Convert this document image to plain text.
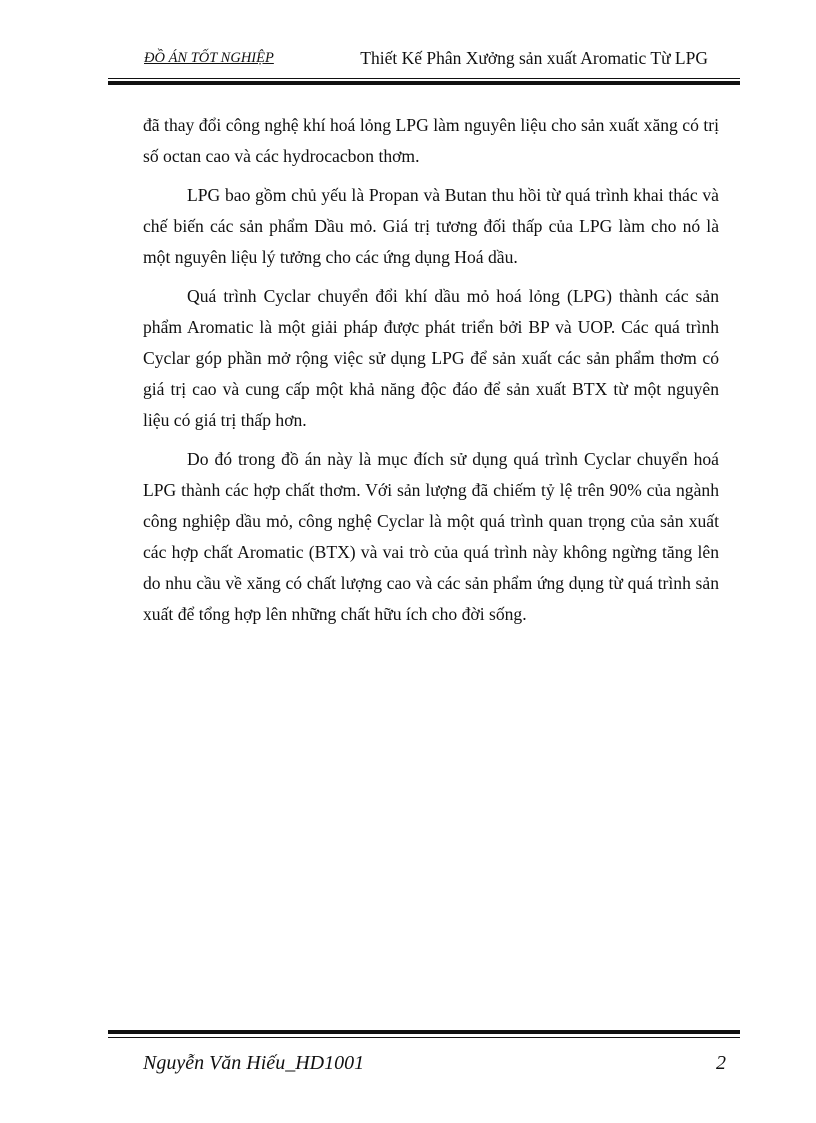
ĐỒ ÁN TỐT NGHIỆP	Thiết Kế Phân Xưởng sản xuất Aromatic Từ LPG

đã thay đổi công nghệ khí hoá lỏng LPG làm nguyên liệu cho sản xuất xăng có trị số octan cao và các hydrocacbon thơm.

LPG bao gồm chủ yếu là Propan và Butan thu hồi từ quá trình khai thác và chế biến các sản phẩm Dầu mỏ. Giá trị tương đối thấp của LPG làm cho nó là một nguyên liệu lý tưởng cho các ứng dụng Hoá dầu.

Quá trình Cyclar chuyển đổi khí dầu mỏ hoá lỏng (LPG) thành các sản phẩm Aromatic là một giải pháp được phát triển bởi BP và UOP. Các quá trình Cyclar góp phần mở rộng việc sử dụng LPG để sản xuất các sản phẩm thơm có giá trị cao và cung cấp một khả năng độc đáo để sản xuất BTX từ một nguyên liệu có giá trị thấp hơn.

Do đó trong đồ án này là mục đích sử dụng quá trình Cyclar chuyển hoá LPG thành các hợp chất thơm. Với sản lượng đã chiếm tỷ lệ trên 90% của ngành công nghiệp dầu mỏ, công nghệ Cyclar là một quá trình quan trọng của sản xuất các hợp chất Aromatic (BTX) và vai trò của quá trình này không ngừng tăng lên do nhu cầu về xăng có chất lượng cao và các sản phẩm ứng dụng từ quá trình sản xuất để tổng hợp lên những chất hữu ích cho đời sống.

Nguyễn Văn Hiếu_HD1001	2
